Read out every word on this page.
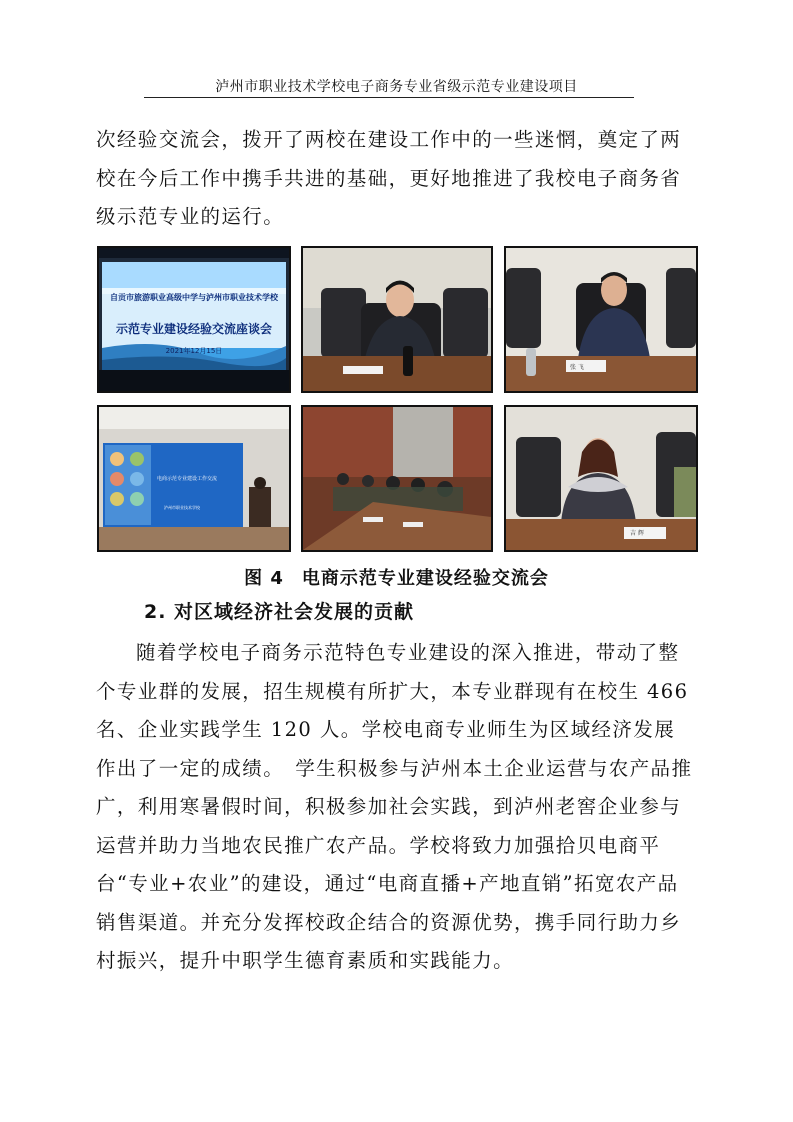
泸州市职业技术学校电子商务专业省级示范专业建设项目

次经验交流会，拨开了两校在建设工作中的一些迷惘，奠定了两校在今后工作中携手共进的基础，更好地推进了我校电子商务省级示范专业的运行。

自贡市旅游职业高级中学与泸州市职业技术学校
示范专业建设经验交流座谈会
2021年12月15日
张 飞
电商示范专业建设工作交流
泸州市职业技术学校
吉 辉
图 4 电商示范专业建设经验交流会
2. 对区域经济社会发展的贡献

随着学校电子商务示范特色专业建设的深入推进，带动了整个专业群的发展，招生规模有所扩大，本专业群现有在校生 466 名、企业实践学生 120 人。学校电商专业师生为区域经济发展作出了一定的成绩。　学生积极参与泸州本土企业运营与农产品推广，利用寒暑假时间，积极参加社会实践，到泸州老窖企业参与运营并助力当地农民推广农产品。学校将致力加强拾贝电商平台“专业+农业”的建设，通过“电商直播+产地直销”拓宽农产品销售渠道。并充分发挥校政企结合的资源优势，携手同行助力乡村振兴，提升中职学生德育素质和实践能力。
